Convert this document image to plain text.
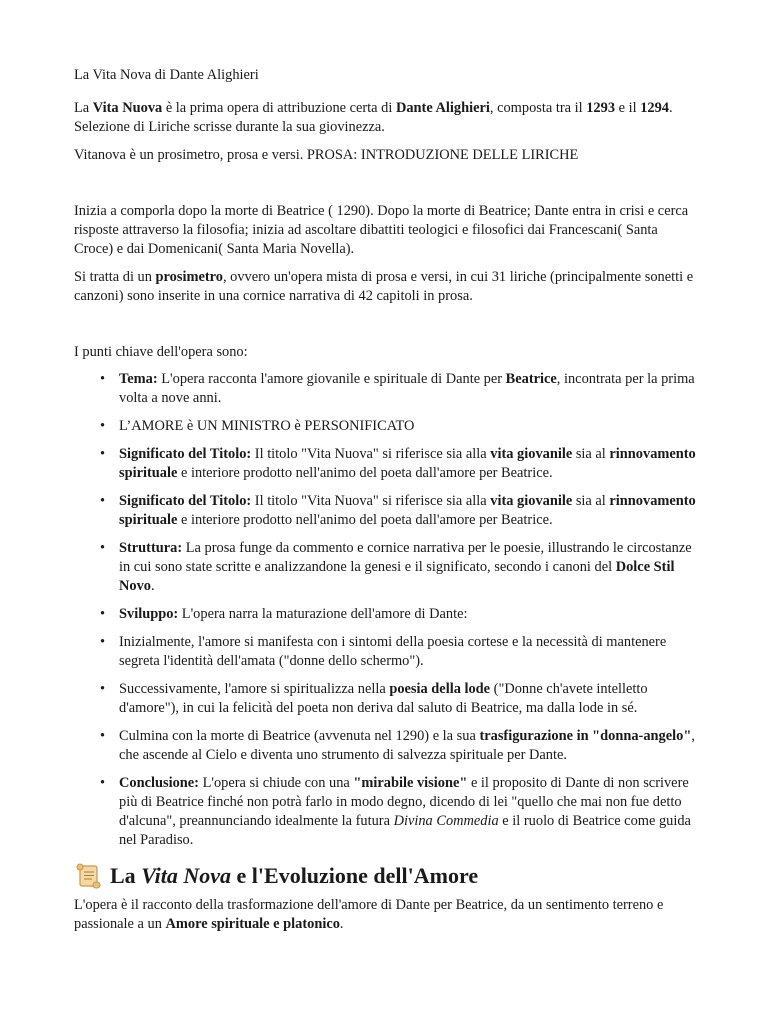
La Vita Nova di Dante Alighieri

La Vita Nuova è la prima opera di attribuzione certa di Dante Alighieri, composta tra il 1293 e il 1294. Selezione di Liriche scrisse durante la sua giovinezza.

Vitanova è un prosimetro, prosa e versi. PROSA: INTRODUZIONE DELLE LIRICHE

Inizia a comporla dopo la morte di Beatrice ( 1290). Dopo la morte di Beatrice; Dante entra in crisi e cerca risposte attraverso la filosofia; inizia ad ascoltare dibattiti teologici e filosofici dai Francescani( Santa Croce) e dai Domenicani( Santa Maria Novella).

Si tratta di un prosimetro, ovvero un'opera mista di prosa e versi, in cui 31 liriche (principalmente sonetti e canzoni) sono inserite in una cornice narrativa di 42 capitoli in prosa.

I punti chiave dell'opera sono:

• Tema: L'opera racconta l'amore giovanile e spirituale di Dante per Beatrice, incontrata per la prima volta a nove anni.
• L’AMORE è UN MINISTRO è PERSONIFICATO
• Significato del Titolo: Il titolo "Vita Nuova" si riferisce sia alla vita giovanile sia al rinnovamento spirituale e interiore prodotto nell'animo del poeta dall'amore per Beatrice.
• Significato del Titolo: Il titolo "Vita Nuova" si riferisce sia alla vita giovanile sia al rinnovamento spirituale e interiore prodotto nell'animo del poeta dall'amore per Beatrice.
• Struttura: La prosa funge da commento e cornice narrativa per le poesie, illustrando le circostanze in cui sono state scritte e analizzandone la genesi e il significato, secondo i canoni del Dolce Stil Novo.
• Sviluppo: L'opera narra la maturazione dell'amore di Dante:
• Inizialmente, l'amore si manifesta con i sintomi della poesia cortese e la necessità di mantenere segreta l'identità dell'amata ("donne dello schermo").
• Successivamente, l'amore si spiritualizza nella poesia della lode ("Donne ch'avete intelletto d'amore"), in cui la felicità del poeta non deriva dal saluto di Beatrice, ma dalla lode in sé.
• Culmina con la morte di Beatrice (avvenuta nel 1290) e la sua trasfigurazione in "donna-angelo", che ascende al Cielo e diventa uno strumento di salvezza spirituale per Dante.
• Conclusione: L'opera si chiude con una "mirabile visione" e il proposito di Dante di non scrivere più di Beatrice finché non potrà farlo in modo degno, dicendo di lei "quello che mai non fue detto d'alcuna", preannunciando idealmente la futura Divina Commedia e il ruolo di Beatrice come guida nel Paradiso.
La Vita Nova e l'Evoluzione dell'Amore

L'opera è il racconto della trasformazione dell'amore di Dante per Beatrice, da un sentimento terreno e passionale a un Amore spirituale e platonico.
